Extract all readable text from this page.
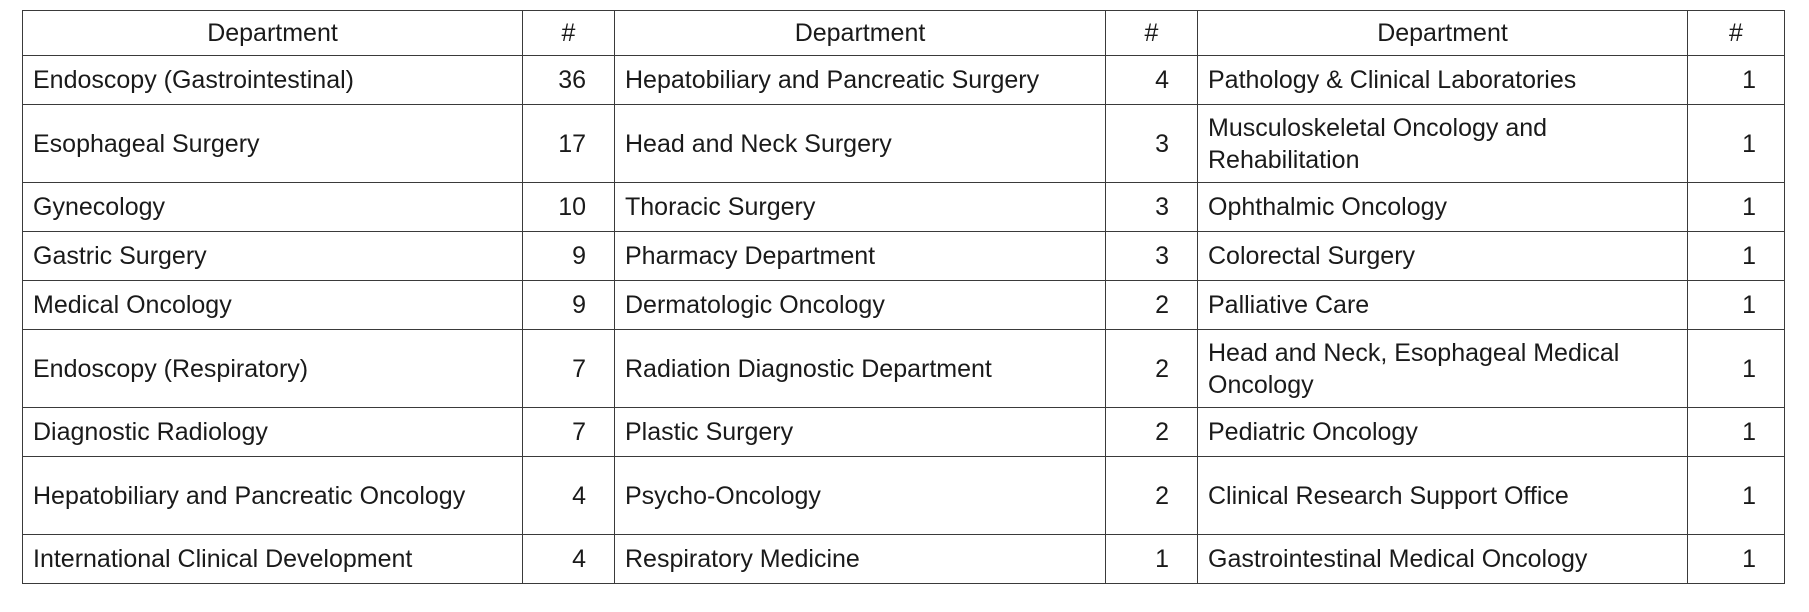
Department	#	Department	#	Department	#
Endoscopy (Gastrointestinal)	36	Hepatobiliary and Pancreatic Surgery	4	Pathology & Clinical Laboratories	1
Esophageal Surgery	17	Head and Neck Surgery	3	Musculoskeletal Oncology and Rehabilitation	1
Gynecology	10	Thoracic Surgery	3	Ophthalmic Oncology	1
Gastric Surgery	9	Pharmacy Department	3	Colorectal Surgery	1
Medical Oncology	9	Dermatologic Oncology	2	Palliative Care	1
Endoscopy (Respiratory)	7	Radiation Diagnostic Department	2	Head and Neck, Esophageal Medical Oncology	1
Diagnostic Radiology	7	Plastic Surgery	2	Pediatric Oncology	1
Hepatobiliary and Pancreatic Oncology	4	Psycho-Oncology	2	Clinical Research Support Office	1
International Clinical Development	4	Respiratory Medicine	1	Gastrointestinal Medical Oncology	1
